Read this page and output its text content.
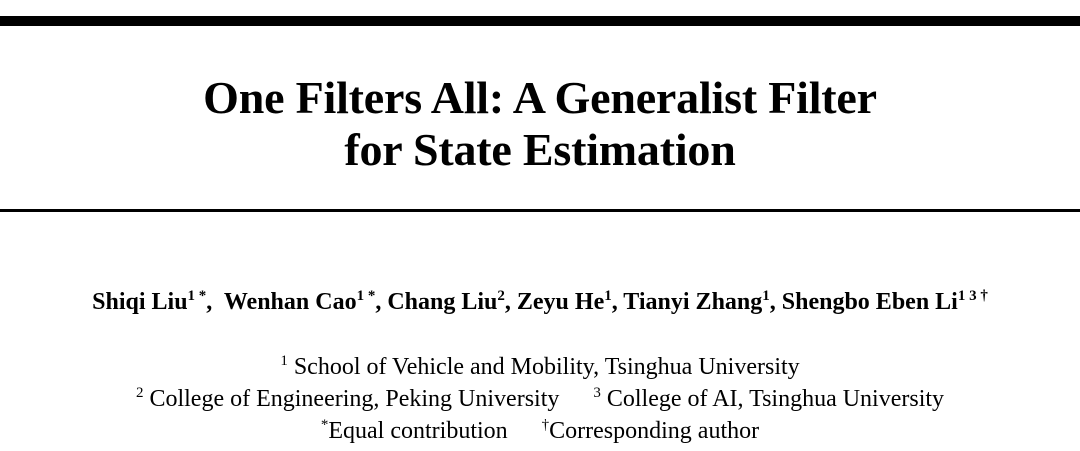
One Filters All: A Generalist Filter
for State Estimation
Shiqi Liu$^{1 *}$,  Wenhan Cao$^{1 *}$, Chang Liu$^2$, Zeyu He$^1$, Tianyi Zhang$^1$, Shengbo Eben $Li^{1 3 \dagger}$
$^1$ School of Vehicle and Mobility, Tsinghua University
$^2$ College of Engineering, Peking University $^3$ College of AI, Tsinghua University
*Equal contribution †Corresponding author
